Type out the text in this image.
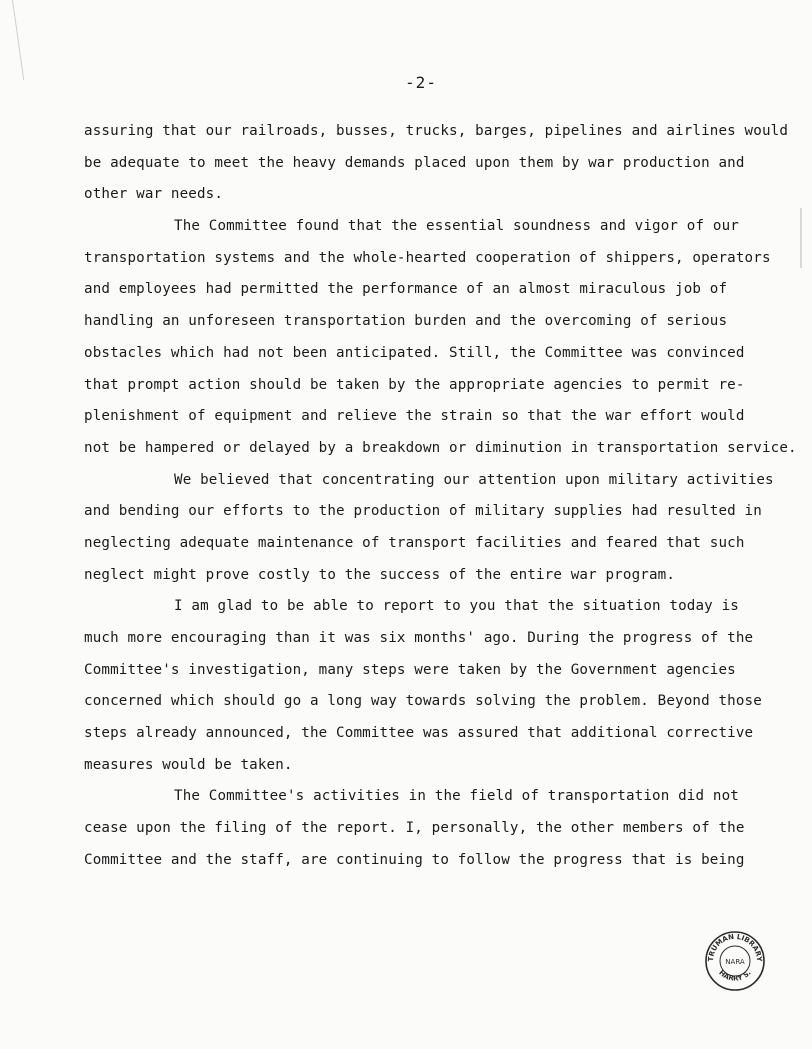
-2-
assuring that our railroads, busses, trucks, barges, pipelines and airlines would
be adequate to meet the heavy demands placed upon them by war production and
other war needs.
The Committee found that the essential soundness and vigor of our
transportation systems and the whole-hearted cooperation of shippers, operators
and employees had permitted the performance of an almost miraculous job of
handling an unforeseen transportation burden and the overcoming of serious
obstacles which had not been anticipated. Still, the Committee was convinced
that prompt action should be taken by the appropriate agencies to permit re-
plenishment of equipment and relieve the strain so that the war effort would
not be hampered or delayed by a breakdown or diminution in transportation service.
We believed that concentrating our attention upon military activities
and bending our efforts to the production of military supplies had resulted in
neglecting adequate maintenance of transport facilities and feared that such
neglect might prove costly to the success of the entire war program.
I am glad to be able to report to you that the situation today is
much more encouraging than it was six months' ago. During the progress of the
Committee's investigation, many steps were taken by the Government agencies
concerned which should go a long way towards solving the problem. Beyond those
steps already announced, the Committee was assured that additional corrective
measures would be taken.
The Committee's activities in the field of transportation did not
cease upon the filing of the report. I, personally, the other members of the
Committee and the staff, are continuing to follow the progress that is being
TRUMAN LIBRARY
HARRY S.
NARA
